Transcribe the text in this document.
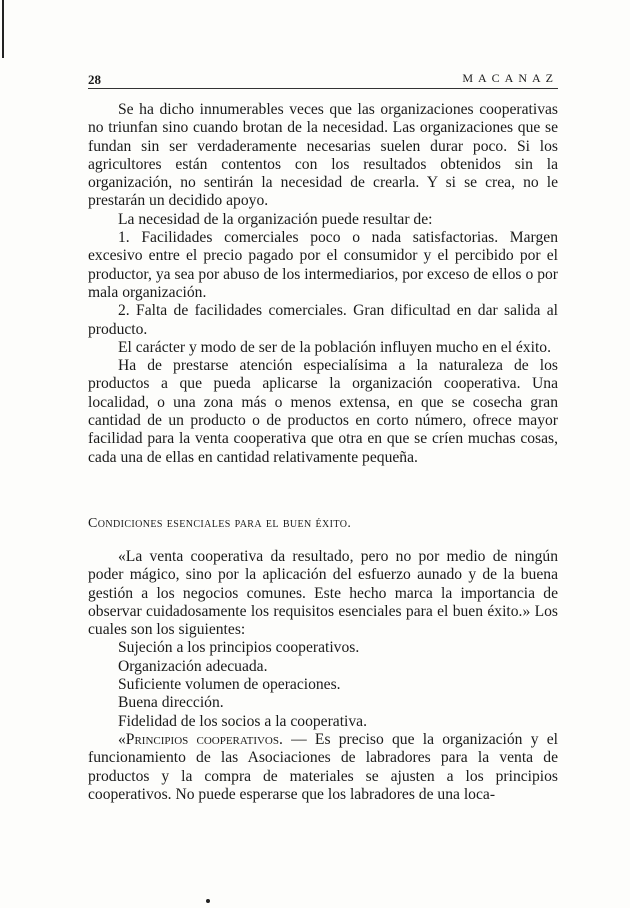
28	MACANAZ

Se ha dicho innumerables veces que las organizaciones cooperativas no triunfan sino cuando brotan de la necesidad. Las organizaciones que se fundan sin ser verdaderamente necesarias suelen durar poco. Si los agricultores están contentos con los resultados obtenidos sin la organización, no sentirán la necesidad de crearla. Y si se crea, no le prestarán un decidido apoyo.

La necesidad de la organización puede resultar de:

1. Facilidades comerciales poco o nada satisfactorias. Margen excesivo entre el precio pagado por el consumidor y el percibido por el productor, ya sea por abuso de los intermediarios, por exceso de ellos o por mala organización.

2. Falta de facilidades comerciales. Gran dificultad en dar salida al producto.

El carácter y modo de ser de la población influyen mucho en el éxito.

Ha de prestarse atención especialísima a la naturaleza de los productos a que pueda aplicarse la organización cooperativa. Una localidad, o una zona más o menos extensa, en que se cosecha gran cantidad de un producto o de productos en corto número, ofrece mayor facilidad para la venta cooperativa que otra en que se críen muchas cosas, cada una de ellas en cantidad relativamente pequeña.

Condiciones esenciales para el buen éxito.

«La venta cooperativa da resultado, pero no por medio de ningún poder mágico, sino por la aplicación del esfuerzo aunado y de la buena gestión a los negocios comunes. Este hecho marca la importancia de observar cuidadosamente los requisitos esenciales para el buen éxito.» Los cuales son los siguientes:

Sujeción a los principios cooperativos.

Organización adecuada.

Suficiente volumen de operaciones.

Buena dirección.

Fidelidad de los socios a la cooperativa.

«Principios cooperativos. — Es preciso que la organización y el funcionamiento de las Asociaciones de labradores para la venta de productos y la compra de materiales se ajusten a los principios cooperativos. No puede esperarse que los labradores de una loca-
